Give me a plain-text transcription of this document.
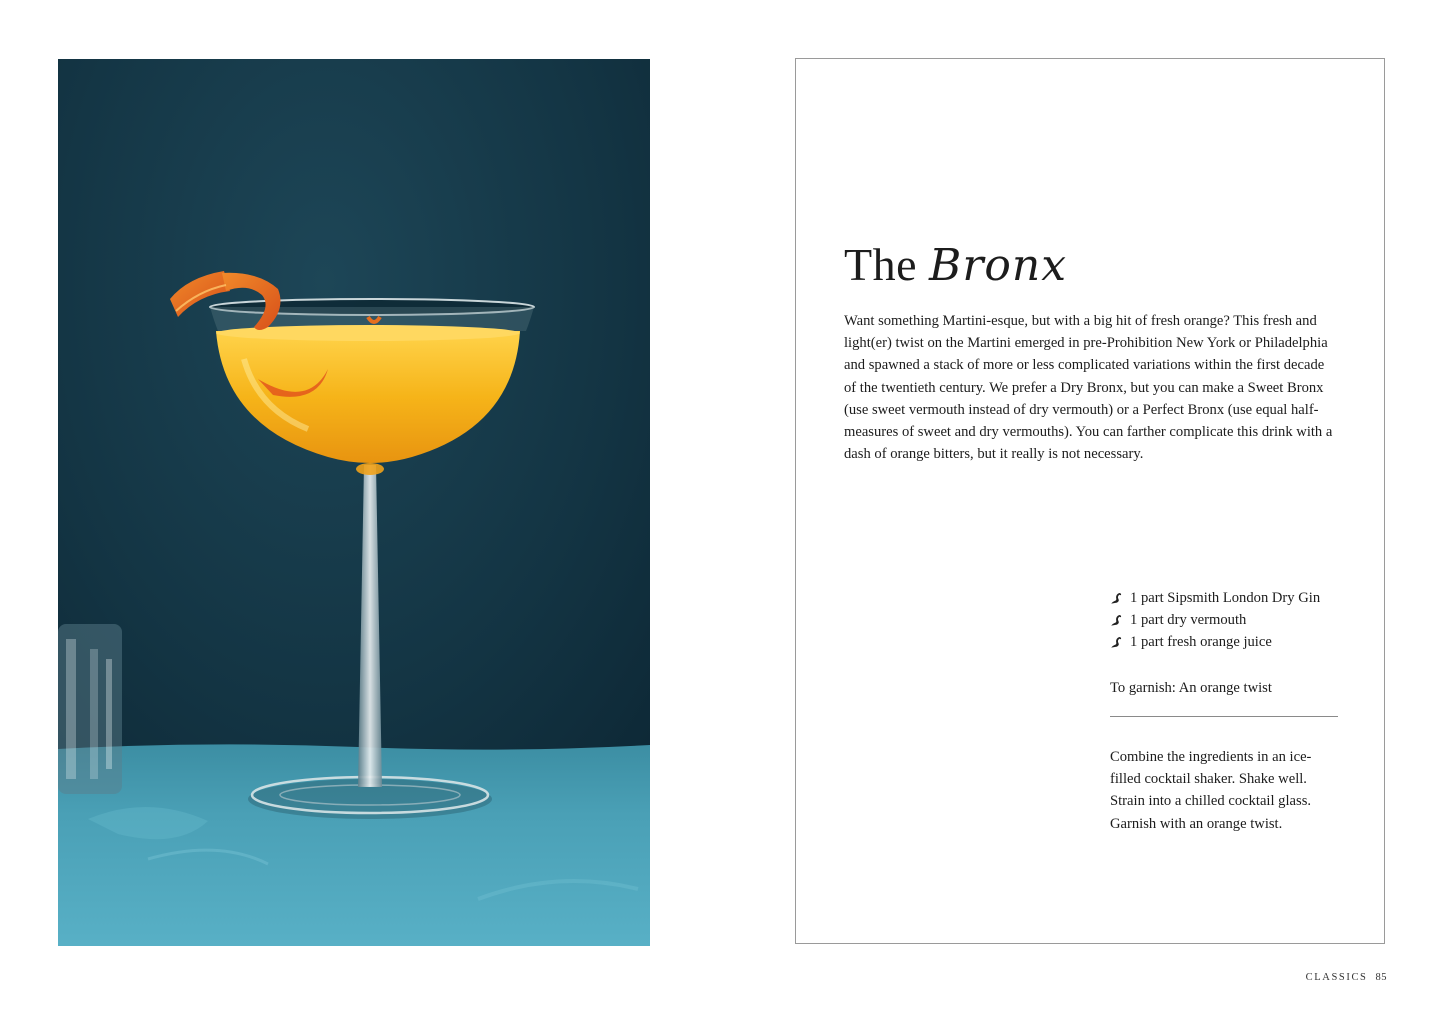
The Bronx

Want something Martini-esque, but with a big hit of fresh orange? This fresh and light(er) twist on the Martini emerged in pre-Prohibition New York or Philadelphia and spawned a stack of more or less complicated variations within the first decade of the twentieth century. We prefer a Dry Bronx, but you can make a Sweet Bronx (use sweet vermouth instead of dry vermouth) or a Perfect Bronx (use equal half-measures of sweet and dry vermouths). You can farther complicate this drink with a dash of orange bitters, but it really is not necessary.

1 part Sipsmith London Dry Gin
1 part dry vermouth
1 part fresh orange juice

To garnish: An orange twist

Combine the ingredients in an ice-filled cocktail shaker. Shake well. Strain into a chilled cocktail glass. Garnish with an orange twist.

CLASSICS 85
